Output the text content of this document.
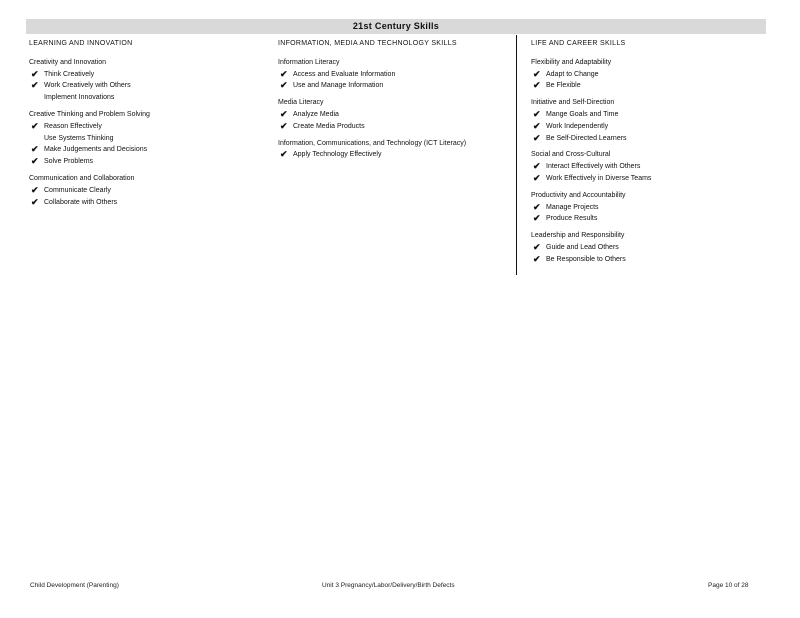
21st Century Skills
LEARNING AND INNOVATION
Creativity and Innovation
✔ Think Creatively
✔ Work Creatively with Others
Implement Innovations
Creative Thinking and Problem Solving
✔ Reason Effectively
Use Systems Thinking
✔ Make Judgements and Decisions
✔ Solve Problems
Communication and Collaboration
✔ Communicate Clearly
✔ Collaborate with Others
INFORMATION, MEDIA AND TECHNOLOGY SKILLS
Information Literacy
✔ Access and Evaluate Information
✔ Use and Manage Information
Media Literacy
✔ Analyze Media
✔ Create Media Products
Information, Communications, and Technology (ICT Literacy)
✔ Apply Technology Effectively
LIFE AND CAREER SKILLS
Flexibility and Adaptability
✔ Adapt to Change
✔ Be Flexible
Initiative and Self-Direction
✔ Mange Goals and Time
✔ Work Independently
✔ Be Self-Directed Learners
Social and Cross-Cultural
✔ Interact Effectively with Others
✔ Work Effectively in Diverse Teams
Productivity and Accountability
✔ Manage Projects
✔ Produce Results
Leadership and Responsibility
✔ Guide and Lead Others
✔ Be Responsible to Others
Child Development (Parenting)	Unit 3 Pregnancy/Labor/Delivery/Birth Defects	Page 10 of 28
